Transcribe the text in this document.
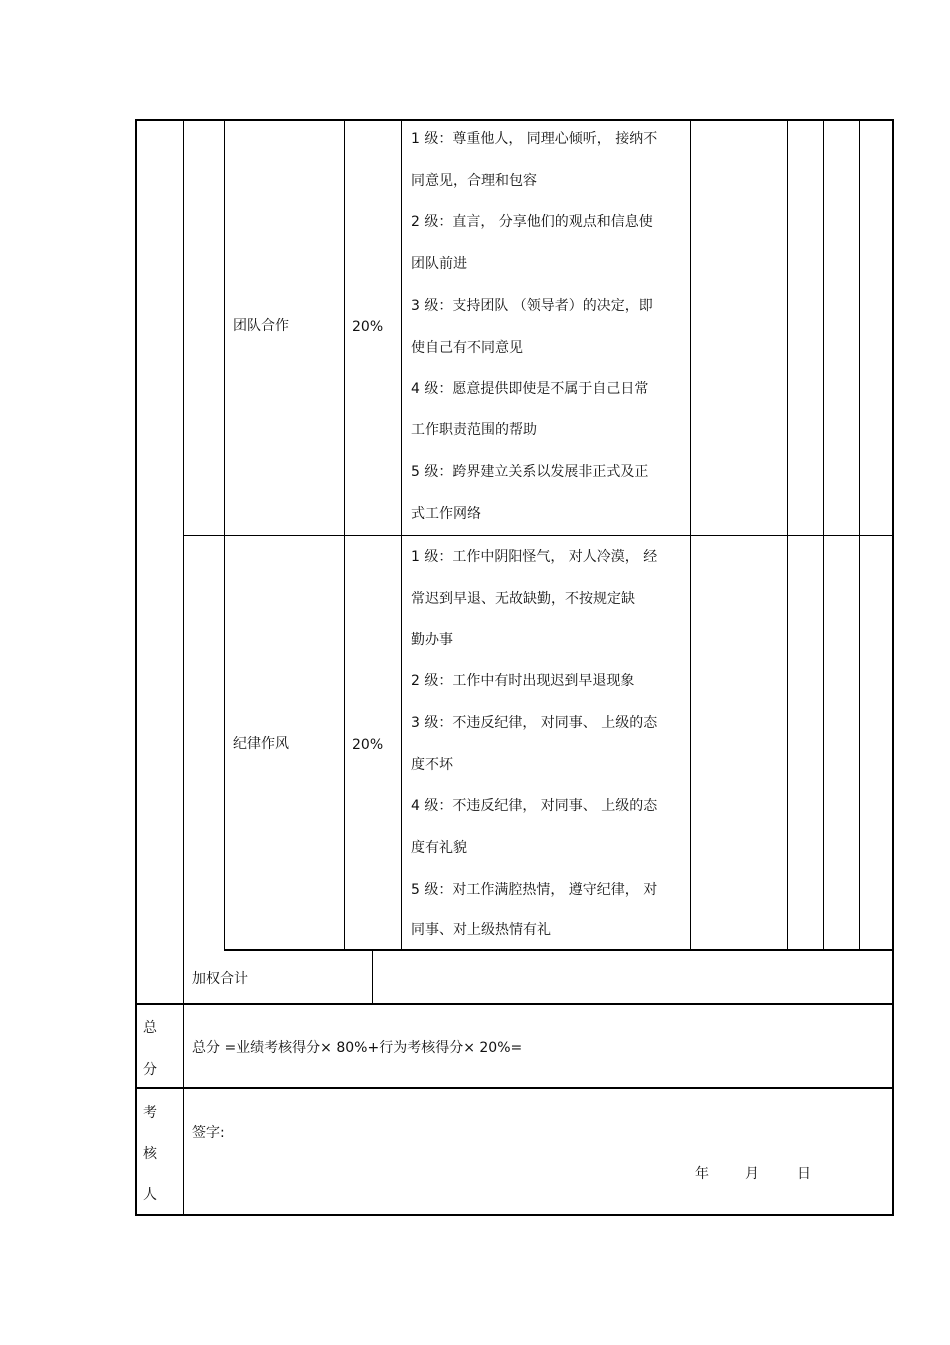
团队合作	20%
1 级：尊重他人， 同理心倾听， 接纳不
同意见，合理和包容
2 级：直言， 分享他们的观点和信息使
团队前进
3 级：支持团队 （领导者）的决定，即
使自己有不同意见
4 级：愿意提供即使是不属于自己日常
工作职责范围的帮助
5 级：跨界建立关系以发展非正式及正
式工作网络
纪律作风	20%
1 级：工作中阴阳怪气， 对人冷漠， 经
常迟到早退、无故缺勤，不按规定缺
勤办事
2 级：工作中有时出现迟到早退现象
3 级：不违反纪律， 对同事、 上级的态
度不坏
4 级：不违反纪律， 对同事、 上级的态
度有礼貌
5 级：对工作满腔热情， 遵守纪律， 对
同事、对上级热情有礼
加权合计
总
分
总分 =业绩考核得分× 80%+行为考核得分× 20%=
考
核
人
签字:
年	月	日
